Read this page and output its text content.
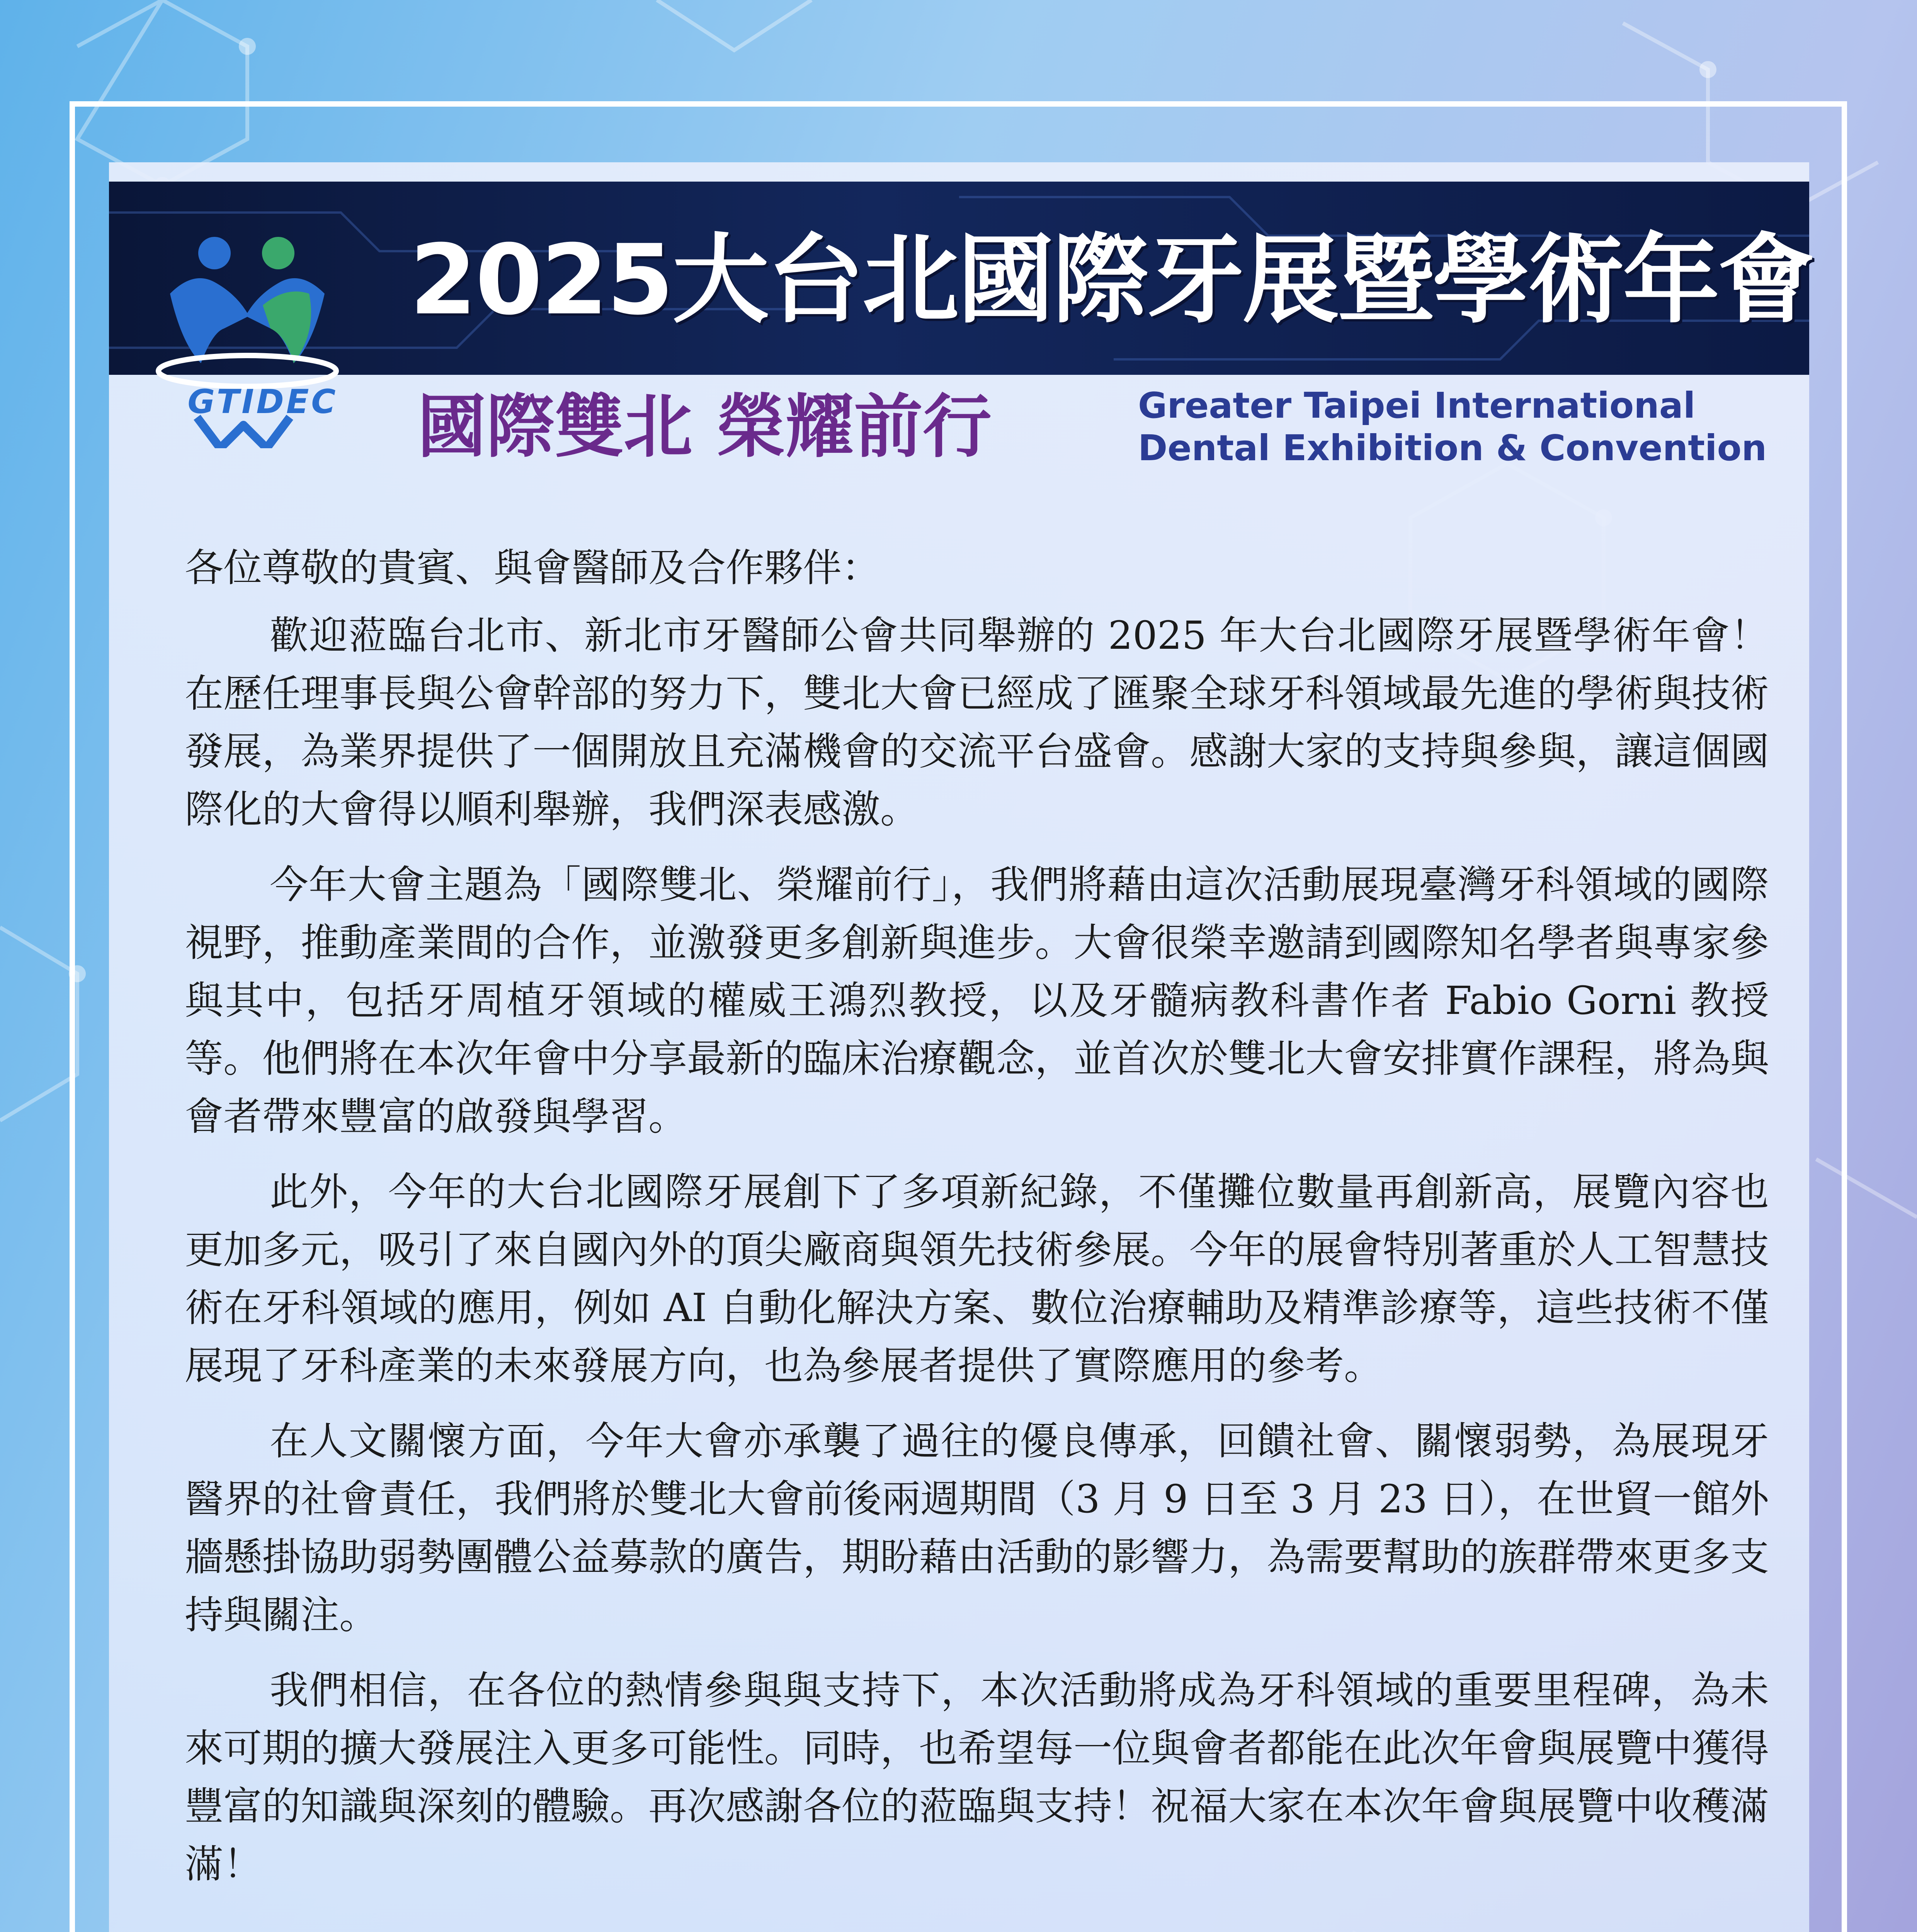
GTIDEC
2025大台北國際牙展暨學術年會
國際雙北 榮耀前行	Greater Taipei International
Dental Exhibition & Convention

各位尊敬的貴賓、與會醫師及合作夥伴：

歡迎蒞臨台北市、新北市牙醫師公會共同舉辦的 2025 年大台北國際牙展暨學術年會！在歷任理事長與公會幹部的努力下，雙北大會已經成了匯聚全球牙科領域最先進的學術與技術發展，為業界提供了一個開放且充滿機會的交流平台盛會。感謝大家的支持與參與，讓這個國際化的大會得以順利舉辦，我們深表感激。

今年大會主題為「國際雙北、榮耀前行」，我們將藉由這次活動展現臺灣牙科領域的國際視野，推動產業間的合作，並激發更多創新與進步。大會很榮幸邀請到國際知名學者與專家參與其中，包括牙周植牙領域的權威王鴻烈教授，以及牙髓病教科書作者 Fabio Gorni 教授等。他們將在本次年會中分享最新的臨床治療觀念，並首次於雙北大會安排實作課程，將為與會者帶來豐富的啟發與學習。

此外，今年的大台北國際牙展創下了多項新紀錄，不僅攤位數量再創新高，展覽內容也更加多元，吸引了來自國內外的頂尖廠商與領先技術參展。今年的展會特別著重於人工智慧技術在牙科領域的應用，例如 AI 自動化解決方案、數位治療輔助及精準診療等，這些技術不僅展現了牙科產業的未來發展方向，也為參展者提供了實際應用的參考。

在人文關懷方面，今年大會亦承襲了過往的優良傳承，回饋社會、關懷弱勢，為展現牙醫界的社會責任，我們將於雙北大會前後兩週期間（3 月 9 日至 3 月 23 日），在世貿一館外牆懸掛協助弱勢團體公益募款的廣告，期盼藉由活動的影響力，為需要幫助的族群帶來更多支持與關注。

我們相信，在各位的熱情參與與支持下，本次活動將成為牙科領域的重要里程碑，為未來可期的擴大發展注入更多可能性。同時，也希望每一位與會者都能在此次年會與展覽中獲得豐富的知識與深刻的體驗。再次感謝各位的蒞臨與支持！祝福大家在本次年會與展覽中收穫滿滿！
